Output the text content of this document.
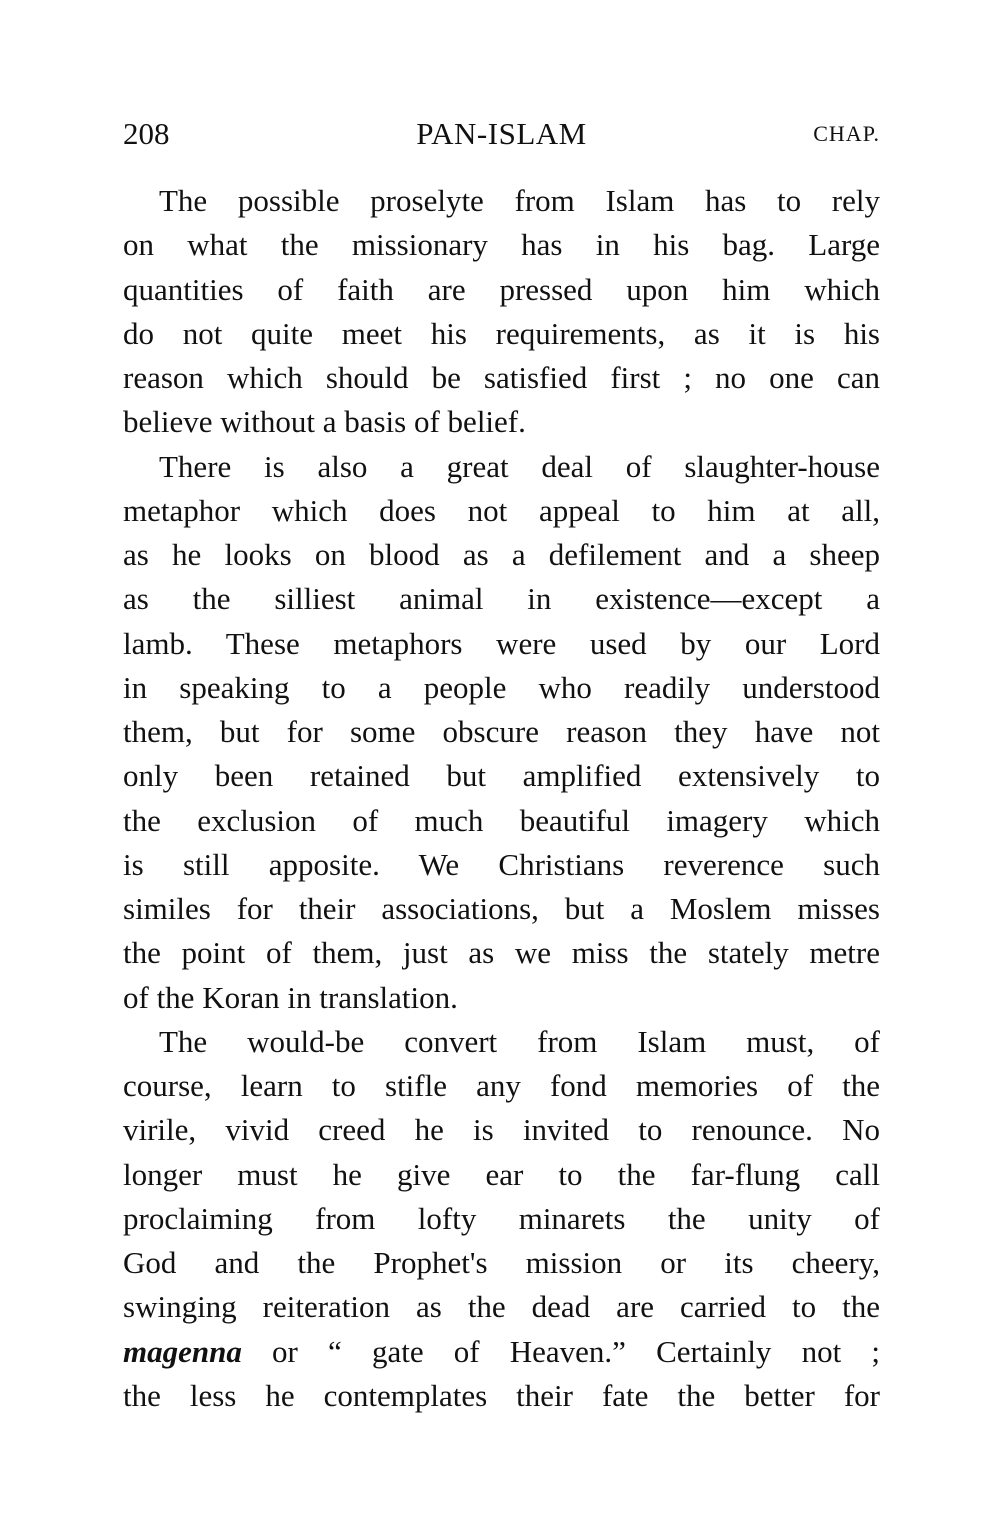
208	PAN-ISLAM	CHAP.
The possible proselyte from Islam has to rely
on what the missionary has in his bag. Large
quantities of faith are pressed upon him which
do not quite meet his requirements, as it is his
reason which should be satisfied first ; no one can
believe without a basis of belief.
There is also a great deal of slaughter-house
metaphor which does not appeal to him at all,
as he looks on blood as a defilement and a sheep
as the silliest animal in existence—except a
lamb. These metaphors were used by our Lord
in speaking to a people who readily understood
them, but for some obscure reason they have not
only been retained but amplified extensively to
the exclusion of much beautiful imagery which
is still apposite. We Christians reverence such
similes for their associations, but a Moslem misses
the point of them, just as we miss the stately metre
of the Koran in translation.
The would-be convert from Islam must, of
course, learn to stifle any fond memories of the
virile, vivid creed he is invited to renounce. No
longer must he give ear to the far-flung call
proclaiming from lofty minarets the unity of
God and the Prophet's mission or its cheery,
swinging reiteration as the dead are carried to the
magenna or “ gate of Heaven.” Certainly not ;
the less he contemplates their fate the better for
